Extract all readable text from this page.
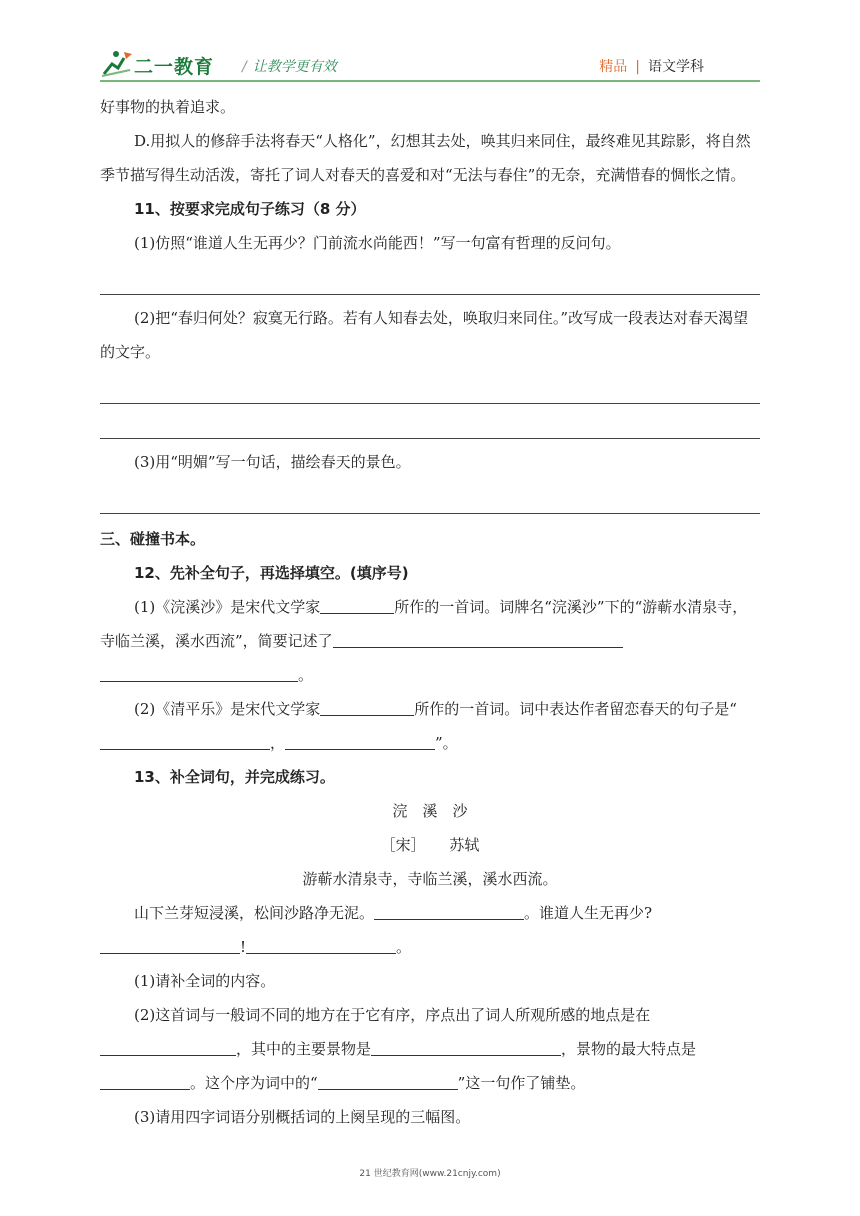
二一教育 / 让教学更有效	精品 | 语文学科

好事物的执着追求。

D.用拟人的修辞手法将春天“人格化”，幻想其去处，唤其归来同住，最终难见其踪影，将自然季节描写得生动活泼，寄托了词人对春天的喜爱和对“无法与春住”的无奈，充满惜春的惆怅之情。

11、按要求完成句子练习（8 分）

(1)仿照“谁道人生无再少？门前流水尚能西！”写一句富有哲理的反问句。

(2)把“春归何处？寂寞无行路。若有人知春去处，唤取归来同住。”改写成一段表达对春天渴望的文字。

(3)用“明媚”写一句话，描绘春天的景色。

三、碰撞书本。

12、先补全句子，再选择填空。(填序号)

(1)《浣溪沙》是宋代文学家	所作的一首词。词牌名“浣溪沙”下的“游蕲水清泉寺，寺临兰溪，溪水西流”，简要记述了

。

(2)《清平乐》是宋代文学家	所作的一首词。词中表达作者留恋春天的句子是“，	”。

13、补全词句，并完成练习。

浣　溪　沙

［宋］ 苏轼

游蕲水清泉寺，寺临兰溪，溪水西流。

山下兰芽短浸溪，松间沙路净无泥。	。谁道人生无再少?!	。

(1)请补全词的内容。

(2)这首词与一般词不同的地方在于它有序，序点出了词人所观所感的地点是在，其中的主要景物是	，景物的最大特点是。这个序为词中的“	”这一句作了铺垫。

(3)请用四字词语分别概括词的上阕呈现的三幅图。

21 世纪教育网(www.21cnjy.com)
